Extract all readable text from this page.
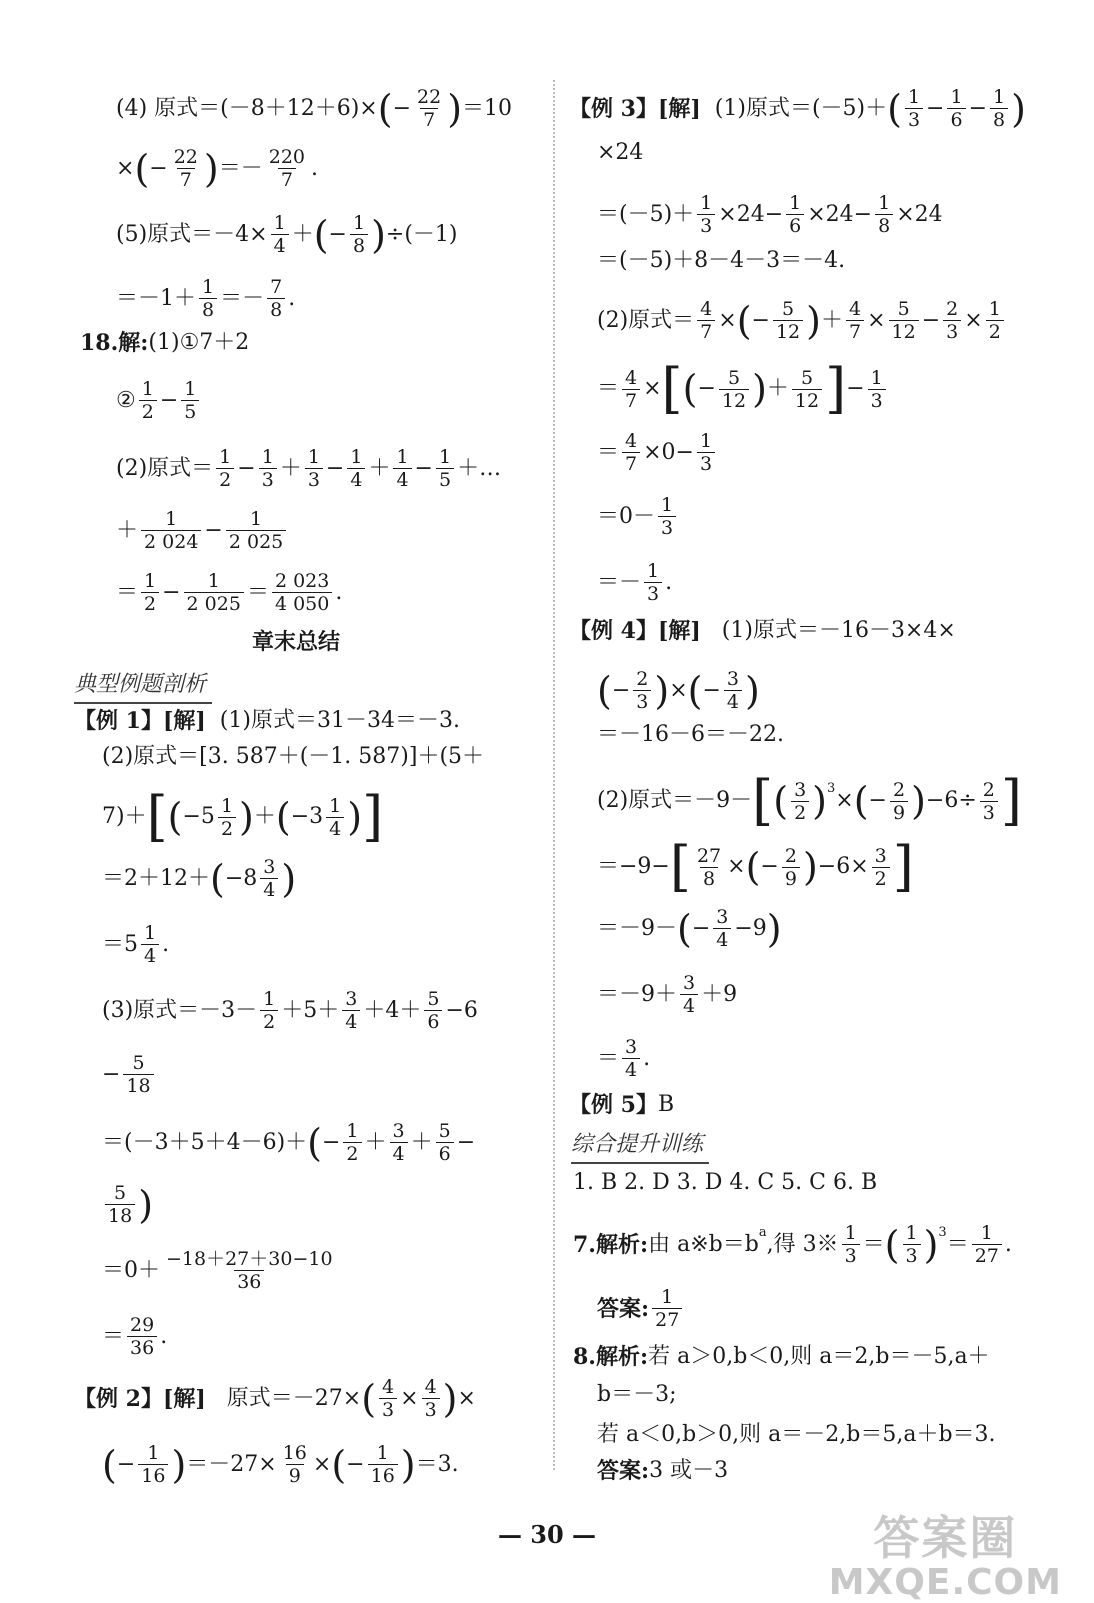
(4) 原式＝(－8＋12＋6)× ( − $\frac{22}{7}$ ) ＝10
× ( − $\frac{22}{7}$ ) ＝－ $\frac{220}{7}$ .
(5)原式$=-4\times \frac{1}{4}$ ＋ ( − $\frac{1}{8}$ ) ÷(－1)
$=-1+ \frac{1}{8} =- \frac{7}{8}$ .
18.解: (1)①7＋2
② $\frac{1}{2} - \frac{1}{5}$
(2)原式＝ $\frac{1}{2} - \frac{1}{3} + \frac{1}{3} - \frac{1}{4} + \frac{1}{4} - \frac{1}{5}$ ＋…
＋ $\frac{1}{2 024} - \frac{1}{2 025}$
＝ $\frac{1}{2} - \frac{1}{2 025} = \frac{2 023}{4 050}$ .
章末总结
典型例题剖析
【例 1】[解]
(1)原式＝31－34＝－3.
(2)原式＝[3. 587＋(－1. 587)]＋(5＋
7)＋ [ ( $-5 \frac{1}{2}$ ) ＋ ( $-3 \frac{1}{4}$ ) ]
＝2＋12＋ ( $-8 \frac{3}{4}$ )
$=5 \frac{1}{4}$ .
(3)原式$=-3- \frac{1}{2} +5+ \frac{3}{4} +4+ \frac{5}{6} -6$
− $\frac{5}{18}$
＝(－3＋5＋4－6)＋ ( − $\frac{1}{2} + \frac{3}{4} + \frac{5}{6}$ −
$\frac{5}{18}$ )
$=0+ \frac{-18+27+30-10}{36}$
＝ $\frac{29}{36}$ .
【例 2】[解]
原式＝－27× ( $\frac{4}{3} \times \frac{4}{3}$ ) ×
( − $\frac{1}{16}$ ) $=-27\times \frac{16}{9}$ × ( − $\frac{1}{16}$ ) ＝3.
【例 3】[解]
(1)原式＝(－5)＋ ( $\frac{1}{3} - \frac{1}{6} - \frac{1}{8}$ )
×24
$=(-5)+ \frac{1}{3} \times 24- \frac{1}{6} \times 24- \frac{1}{8} \times 24$
＝(－5)＋8－4－3＝－4.
(2)原式＝ $\frac{4}{7}$ × ( − $\frac{5}{12}$ ) ＋ $\frac{4}{7} \times \frac{5}{12} - \frac{2}{3} \times \frac{1}{2}$
＝ $\frac{4}{7}$ × [ ( − $\frac{5}{12}$ ) ＋ $\frac{5}{12}$ ] − $\frac{1}{3}$
＝ $\frac{4}{7} \times 0- \frac{1}{3}$
$=0- \frac{1}{3}$
＝－ $\frac{1}{3}$ .
【例 4】[解]
(1)原式＝－16－3×4×
( − $\frac{2}{3}$ ) × ( − $\frac{3}{4}$ )
＝－16－6＝－22.
(2)原式＝－9－ [ ( $\frac{3}{2}$ ) 3 × ( − $\frac{2}{9}$ ) $-6\div \frac{2}{3}$ ]
＝−9− [ $\frac{27}{8}$ × ( − $\frac{2}{9}$ ) $-6\times \frac{3}{2}$ ]
＝－9－ ( − $\frac{3}{4} -9$ )
$=-9+ \frac{3}{4} +9$
＝ $\frac{3}{4}$ .
【例 5】 B
综合提升训练
1. B 2. D 3. D 4. C 5. C 6. B
7.解析: 由 a※b＝b a ,得 3※ $\frac{1}{3}$ ＝ ( $\frac{1}{3}$ ) $3 = \frac{1}{27}$ .
答案: $\frac{1}{27}$
8.解析: 若 a＞0,b＜0,则 a＝2,b＝－5,a＋
b＝－3;
若 a＜0,b＞0,则 a＝－2,b＝5,a＋b＝3.
答案: 3 或－3
— 30 —	答案圈
MXQE.COM
